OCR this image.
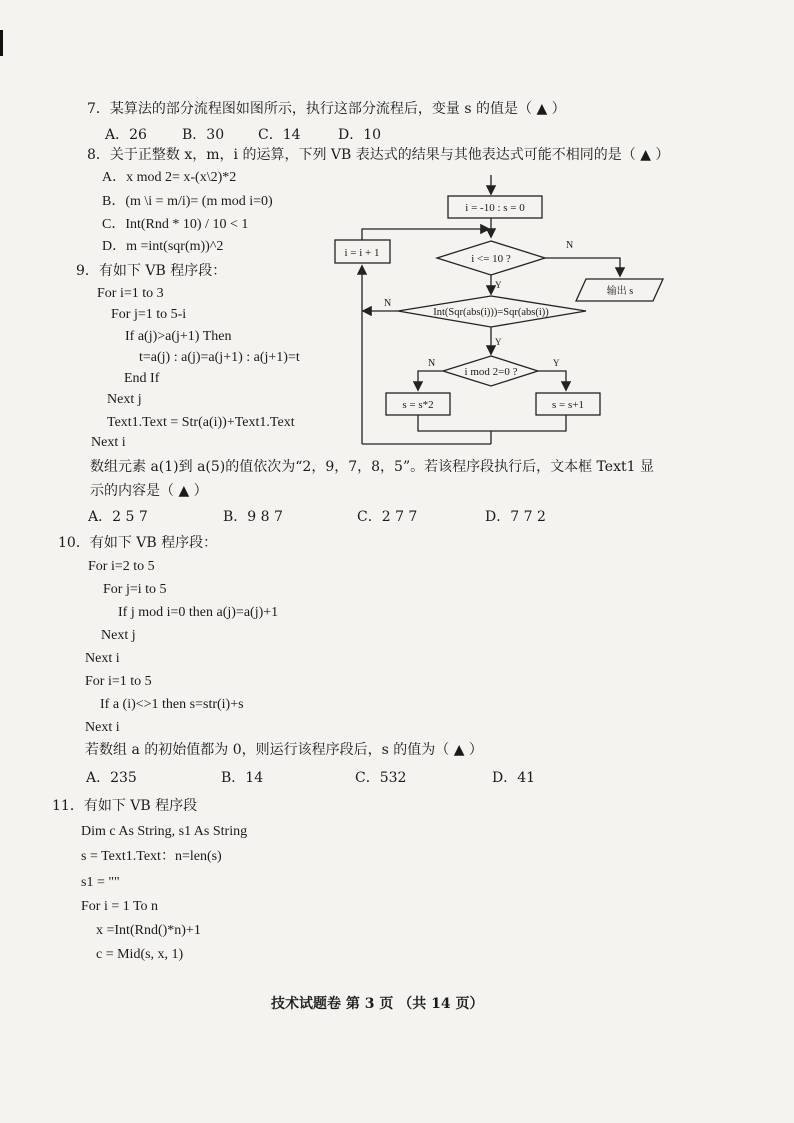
7．某算法的部分流程图如图所示，执行这部分流程后，变量 s 的值是（ ▲ ）
A．26	B．30 C．14	D．10
8．关于正整数 x，m，i 的运算，下列 VB 表达式的结果与其他表达式可能不相同的是（ ▲ ）
A．x mod 2= x-(x\2)*2
B．(m \i = m/i)= (m mod i=0)
C．Int(Rnd * 10) / 10 < 1
D．m =int(sqr(m))^2
9．有如下 VB 程序段：
For i=1 to 3
For j=1 to 5-i
If a(j)>a(j+1) Then
t=a(j) : a(j)=a(j+1) : a(j+1)=t
End If
Next j
Text1.Text = Str(a(i))+Text1.Text
Next i
数组元素 a(1)到 a(5)的值依次为“2，9，7，8，5”。若该程序段执行后，文本框 Text1 显
示的内容是（ ▲ ）
A．2 5 7	B．9 8 7	C．2 7 7	D．7 7 2
i = -10 : s = 0
i <= 10 ?
Int(Sqr(abs(i)))=Sqr(abs(i))
i mod 2=0 ?
i = i + 1
输出 s
s = s*2	s = s+1
N
Y
N
Y
N	Y
10．有如下 VB 程序段：
For i=2 to 5
For j=i to 5
If j mod i=0 then a(j)=a(j)+1
Next j
Next i
For i=1 to 5
If a (i)<>1 then s=str(i)+s
Next i
若数组 a 的初始值都为 0，则运行该程序段后，s 的值为（ ▲ ）
A．235	B．14	C．532	D．41
11．有如下 VB 程序段
Dim c As String, s1 As String
s = Text1.Text：n=len(s)
s1 = ""
For i = 1 To n
x =Int(Rnd()*n)+1
c = Mid(s, x, 1)
技术试题卷 第 3 页 （共 14 页）
